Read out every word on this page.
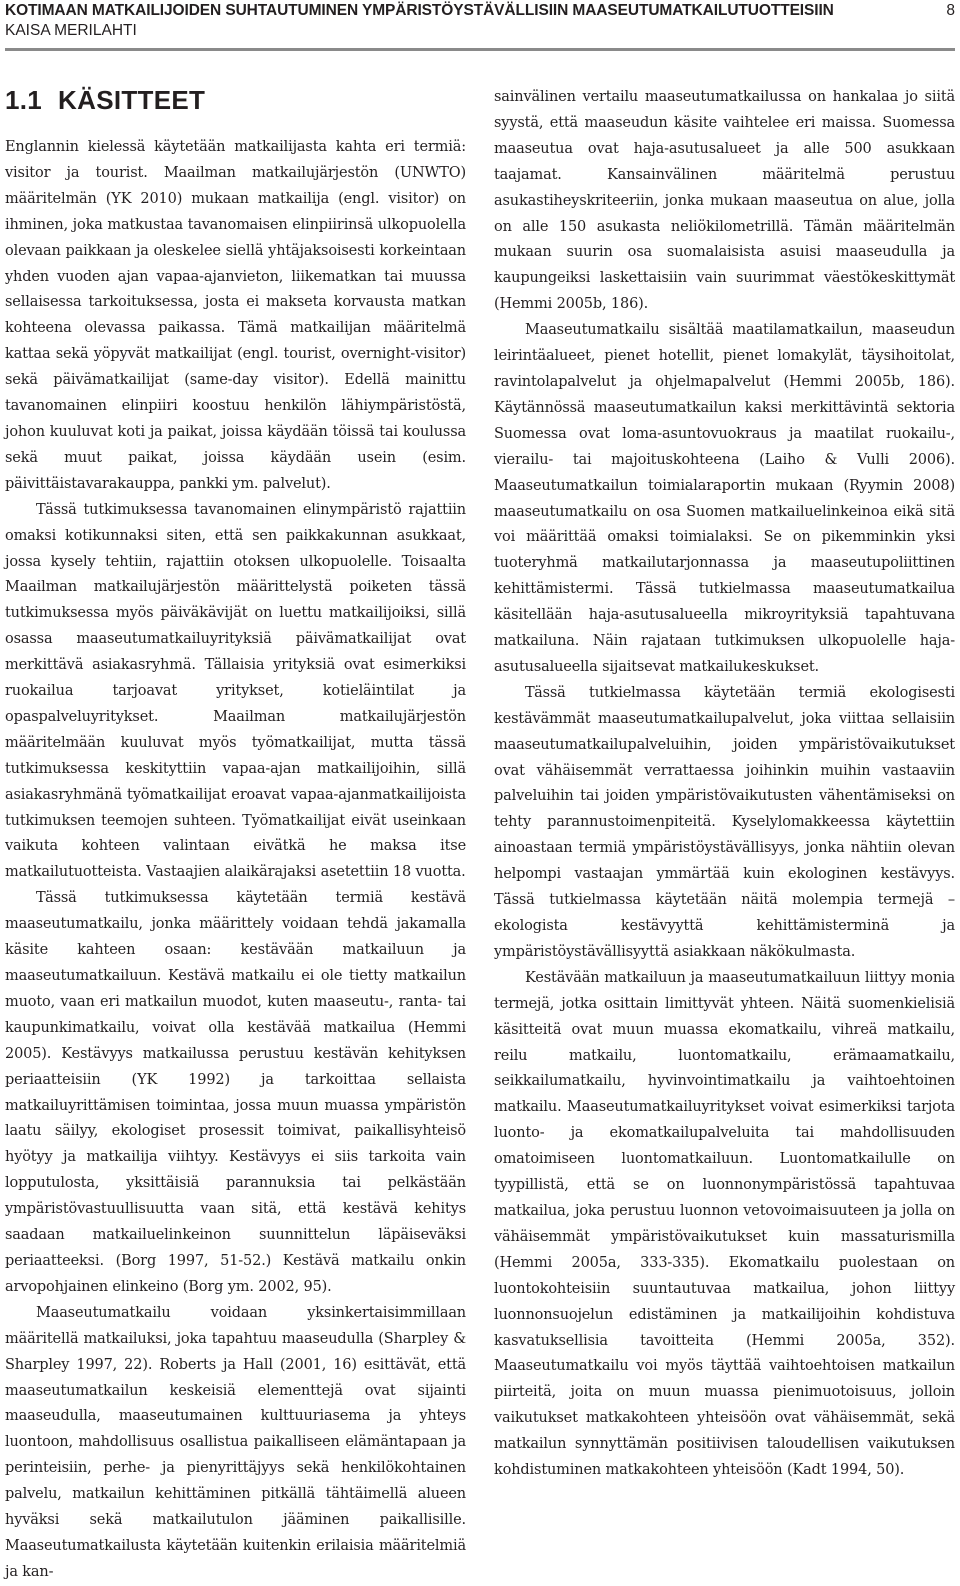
KOTIMAAN MATKAILIJOIDEN SUHTAUTUMINEN YMPÄRISTÖYSTÄVÄLLISIIN MAASEUTUMATKAILUTUOTTEISIIN
KAISA MERILAHTI
8
1.1 KÄSITTEET

Englannin kielessä käytetään matkailijasta kahta eri termiä: visitor ja tourist. Maailman matkailujärjestön (UNWTO) määritelmän (YK 2010) mukaan matkailija (engl. visitor) on ihminen, joka matkustaa tavanomaisen elinpiirinsä ulkopuolella olevaan paikkaan ja oleskelee siellä yhtäjaksoisesti korkeintaan yhden vuoden ajan vapaa-ajanvieton, liikematkan tai muussa sellaisessa tarkoituksessa, josta ei makseta korvausta matkan kohteena olevassa paikassa. Tämä matkailijan määritelmä kattaa sekä yöpyvät matkailijat (engl. tourist, overnight-visitor) sekä päivämatkailijat (same-day visitor). Edellä mainittu tavanomainen elinpiiri koostuu henkilön lähiympäristöstä, johon kuuluvat koti ja paikat, joissa käydään töissä tai koulussa sekä muut paikat, joissa käydään usein (esim. päivittäistavarakauppa, pankki ym. palvelut).

Tässä tutkimuksessa tavanomainen elinympäristö rajattiin omaksi kotikunnaksi siten, että sen paikkakunnan asukkaat, jossa kysely tehtiin, rajattiin otoksen ulkopuolelle. Toisaalta Maailman matkailujärjestön määrittelystä poiketen tässä tutkimuksessa myös päiväkävijät on luettu matkailijoiksi, sillä osassa maaseutumatkailuyrityksiä päivämatkailijat ovat merkittävä asiakasryhmä. Tällaisia yrityksiä ovat esimerkiksi ruokailua tarjoavat yritykset, kotieläintilat ja opaspalveluyritykset. Maailman matkailujärjestön määritelmään kuuluvat myös työmatkailijat, mutta tässä tutkimuksessa keskityttiin vapaa-ajan matkailijoihin, sillä asiakasryhmänä työmatkailijat eroavat vapaa-ajanmatkailijoista tutkimuksen teemojen suhteen. Työmatkailijat eivät useinkaan vaikuta kohteen valintaan eivätkä he maksa itse matkailutuotteista. Vastaajien alaikärajaksi asetettiin 18 vuotta.

Tässä tutkimuksessa käytetään termiä kestävä maaseutumatkailu, jonka määrittely voidaan tehdä jakamalla käsite kahteen osaan: kestävään matkailuun ja maaseutumatkailuun. Kestävä matkailu ei ole tietty matkailun muoto, vaan eri matkailun muodot, kuten maaseutu-, ranta- tai kaupunkimatkailu, voivat olla kestävää matkailua (Hemmi 2005). Kestävyys matkailussa perustuu kestävän kehityksen periaatteisiin (YK 1992) ja tarkoittaa sellaista matkailuyrittämisen toimintaa, jossa muun muassa ympäristön laatu säilyy, ekologiset prosessit toimivat, paikallisyhteisö hyötyy ja matkailija viihtyy. Kestävyys ei siis tarkoita vain lopputulosta, yksittäisiä parannuksia tai pelkästään ympäristövastuullisuutta vaan sitä, että kestävä kehitys saadaan matkailuelinkeinon suunnittelun läpäiseväksi periaatteeksi. (Borg 1997, 51-52.) Kestävä matkailu onkin arvopohjainen elinkeino (Borg ym. 2002, 95).

Maaseutumatkailu voidaan yksinkertaisimmillaan määritellä matkailuksi, joka tapahtuu maaseudulla (Sharpley & Sharpley 1997, 22). Roberts ja Hall (2001, 16) esittävät, että maaseutumatkailun keskeisiä elementtejä ovat sijainti maaseudulla, maaseutumainen kulttuuriasema ja yhteys luontoon, mahdollisuus osallistua paikalliseen elämäntapaan ja perinteisiin, perhe- ja pienyrittäjyys sekä henkilökohtainen palvelu, matkailun kehittäminen pitkällä tähtäimellä alueen hyväksi sekä matkailutulon jääminen paikallisille. Maaseutumatkailusta käytetään kuitenkin erilaisia määritelmiä ja kan-

sainvälinen vertailu maaseutumatkailussa on hankalaa jo siitä syystä, että maaseudun käsite vaihtelee eri maissa. Suomessa maaseutua ovat haja-asutusalueet ja alle 500 asukkaan taajamat. Kansainvälinen määritelmä perustuu asukastiheyskriteeriin, jonka mukaan maaseutua on alue, jolla on alle 150 asukasta neliökilometrillä. Tämän määritelmän mukaan suurin osa suomalaisista asuisi maaseudulla ja kaupungeiksi laskettaisiin vain suurimmat väestökeskittymät (Hemmi 2005b, 186).

Maaseutumatkailu sisältää maatilamatkailun, maaseudun leirintäalueet, pienet hotellit, pienet lomakylät, täysihoitolat, ravintolapalvelut ja ohjelmapalvelut (Hemmi 2005b, 186). Käytännössä maaseutumatkailun kaksi merkittävintä sektoria Suomessa ovat loma-asuntovuokraus ja maatilat ruokailu-, vierailu- tai majoituskohteena (Laiho & Vulli 2006). Maaseutumatkailun toimialaraportin mukaan (Ryymin 2008) maaseutumatkailu on osa Suomen matkailuelinkeinoa eikä sitä voi määrittää omaksi toimialaksi. Se on pikemminkin yksi tuoteryhmä matkailutarjonnassa ja maaseutupoliittinen kehittämistermi. Tässä tutkielmassa maaseutumatkailua käsitellään haja-asutusalueella mikroyrityksiä tapahtuvana matkailuna. Näin rajataan tutkimuksen ulkopuolelle haja-asutusalueella sijaitsevat matkailukeskukset.

Tässä tutkielmassa käytetään termiä ekologisesti kestävämmät maaseutumatkailupalvelut, joka viittaa sellaisiin maaseutumatkailupalveluihin, joiden ympäristövaikutukset ovat vähäisemmät verrattaessa joihinkin muihin vastaaviin palveluihin tai joiden ympäristövaikutusten vähentämiseksi on tehty parannustoimenpiteitä. Kyselylomakkeessa käytettiin ainoastaan termiä ympäristöystävällisyys, jonka nähtiin olevan helpompi vastaajan ymmärtää kuin ekologinen kestävyys. Tässä tutkielmassa käytetään näitä molempia termejä – ekologista kestävyyttä kehittämisterminä ja ympäristöystävällisyyttä asiakkaan näkökulmasta.

Kestävään matkailuun ja maaseutumatkailuun liittyy monia termejä, jotka osittain limittyvät yhteen. Näitä suomenkielisiä käsitteitä ovat muun muassa ekomatkailu, vihreä matkailu, reilu matkailu, luontomatkailu, erämaamatkailu, seikkailumatkailu, hyvinvointimatkailu ja vaihtoehtoinen matkailu. Maaseutumatkailuyritykset voivat esimerkiksi tarjota luonto- ja ekomatkailupalveluita tai mahdollisuuden omatoimiseen luontomatkailuun. Luontomatkailulle on tyypillistä, että se on luonnonympäristössä tapahtuvaa matkailua, joka perustuu luonnon vetovoimaisuuteen ja jolla on vähäisemmät ympäristövaikutukset kuin massaturismilla (Hemmi 2005a, 333-335). Ekomatkailu puolestaan on luontokohteisiin suuntautuvaa matkailua, johon liittyy luonnonsuojelun edistäminen ja matkailijoihin kohdistuva kasvatuksellisia tavoitteita (Hemmi 2005a, 352). Maaseutumatkailu voi myös täyttää vaihtoehtoisen matkailun piirteitä, joita on muun muassa pienimuotoisuus, jolloin vaikutukset matkakohteen yhteisöön ovat vähäisemmät, sekä matkailun synnyttämän positiivisen taloudellisen vaikutuksen kohdistuminen matkakohteen yhteisöön (Kadt 1994, 50).
